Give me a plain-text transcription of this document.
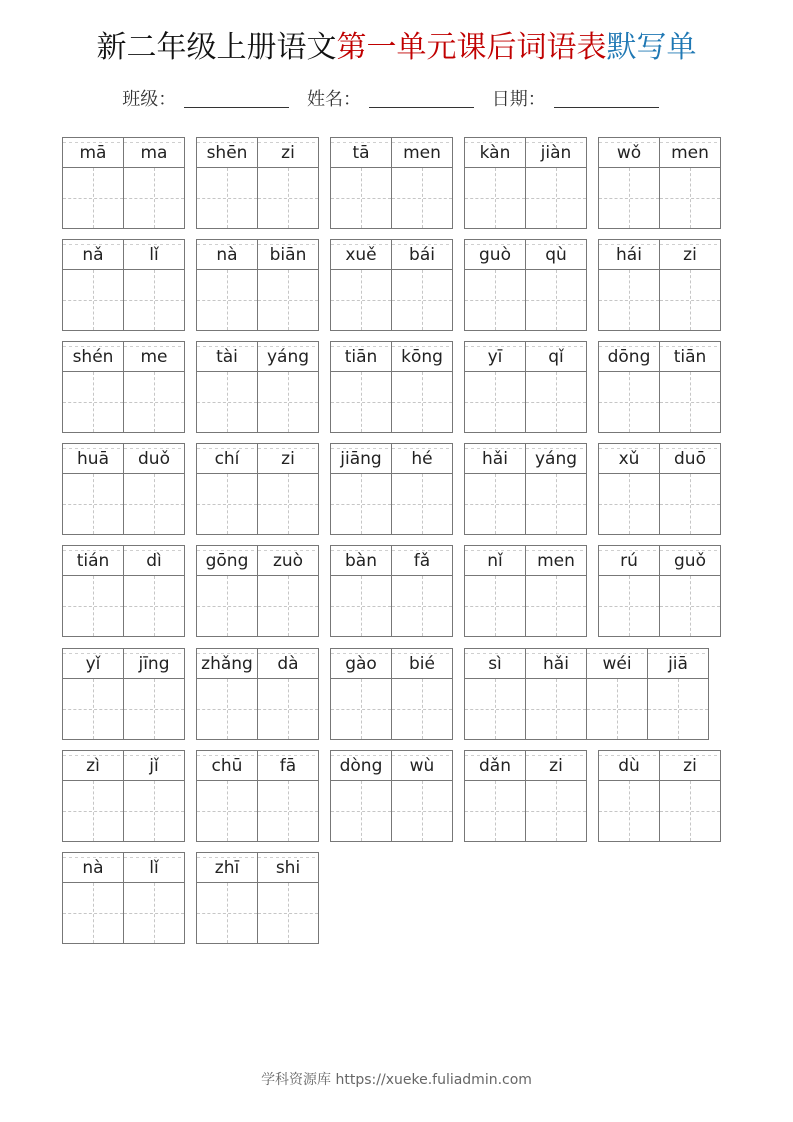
新二年级上册语文第一单元课后词语表默写单
班级：	姓名：	日期：
mā	ma	shēn	zi	tā	men	kàn	jiàn	wǒ	men
nǎ	lǐ	nà	biān	xuě	bái	guò	qù	hái	zi
shén	me	tài	yáng	tiān	kōng	yī	qǐ	dōng	tiān
huā	duǒ	chí	zi	jiāng	hé	hǎi	yáng	xǔ	duō
tián	dì	gōng	zuò	bàn	fǎ	nǐ	men	rú	guǒ
yǐ	jīng	zhǎng	dà	gào	bié	sì	hǎi	wéi	jiā
zì	jǐ	chū	fā	dòng	wù	dǎn	zi	dù	zi
nà	lǐ	zhī	shi
学科资源库 https://xueke.fuliadmin.com
